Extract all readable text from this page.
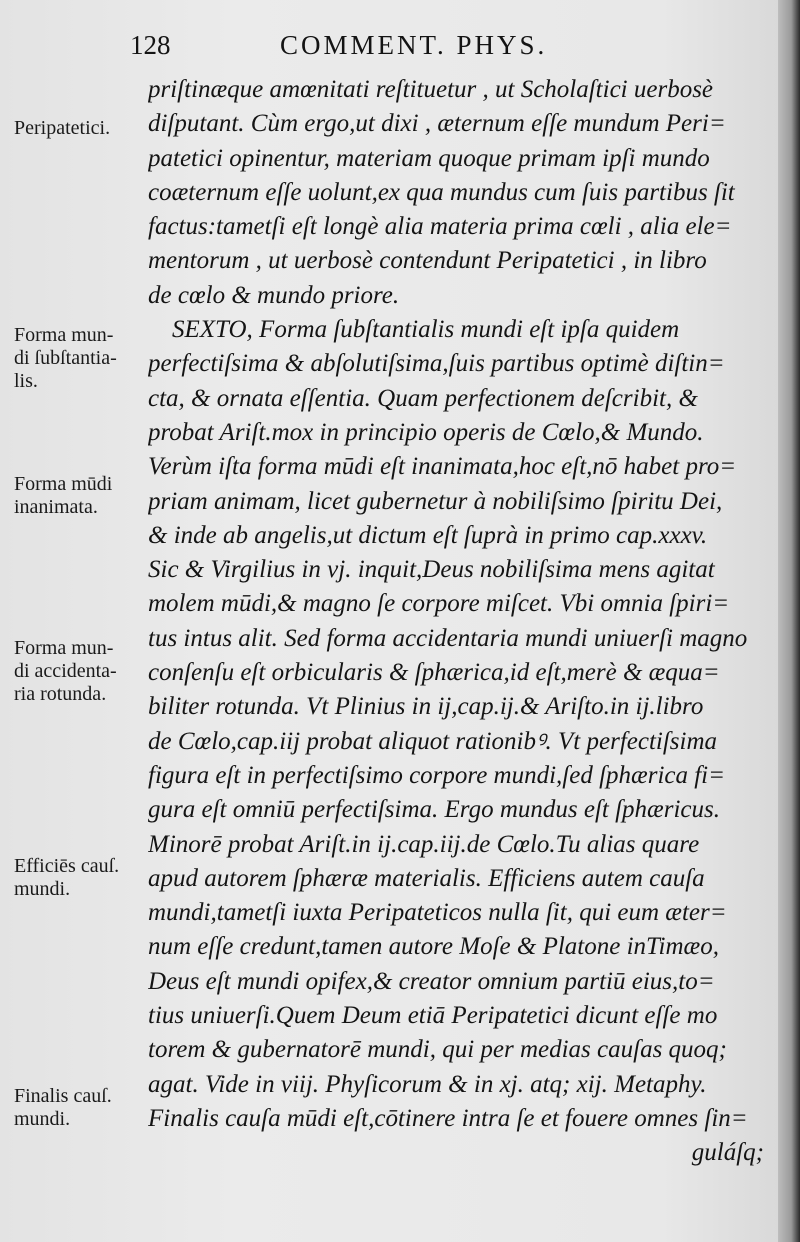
128	COMMENT. PHYS.
Peripatetici.
Forma mun-
di ſubſtantia-
lis.
Forma mūdi
inanimata.
Forma mun-
di accidenta-
ria rotunda.
Efficiēs cauſ.
mundi.
Finalis cauſ.
mundi.
priſtinæque amœnitati reſtituetur , ut Scholaſtici uerbosè
diſputant. Cùm ergo,ut dixi , æternum eſſe mundum Peri=
patetici opinentur, materiam quoque primam ipſi mundo
coæternum eſſe uolunt,ex qua mundus cum ſuis partibus ſit
factus:tametſi eſt longè alia materia prima cœli , alia ele=
mentorum , ut uerbosè contendunt Peripatetici , in libro
de cœlo & mundo priore.
SEXTO, Forma ſubſtantialis mundi eſt ipſa quidem
perfectiſsima & abſolutiſsima,ſuis partibus optimè diſtin=
cta, & ornata eſſentia. Quam perfectionem deſcribit, &
probat Ariſt.mox in principio operis de Cœlo,& Mundo.
Verùm iſta forma mūdi eſt inanimata,hoc eſt,nō habet pro=
priam animam, licet gubernetur à nobiliſsimo ſpiritu Dei,
& inde ab angelis,ut dictum eſt ſuprà in primo cap.xxxv.
Sic & Virgilius in vj. inquit,Deus nobiliſsima mens agitat
molem mūdi,& magno ſe corpore miſcet. Vbi omnia ſpiri=
tus intus alit. Sed forma accidentaria mundi uniuerſi magno
conſenſu eſt orbicularis & ſphærica,id eſt,merè & æqua=
biliter rotunda. Vt Plinius in ij,cap.ij.& Ariſto.in ij.libro
de Cœlo,cap.iij probat aliquot rationibꝰ. Vt perfectiſsima
figura eſt in perfectiſsimo corpore mundi,ſed ſphærica fi=
gura eſt omniū perfectiſsima. Ergo mundus eſt ſphæricus.
Minorē probat Ariſt.in ij.cap.iij.de Cœlo.Tu alias quare
apud autorem ſphæræ materialis. Efficiens autem cauſa
mundi,tametſi iuxta Peripateticos nulla ſit, qui eum æter=
num eſſe credunt,tamen autore Moſe & Platone inTimæo,
Deus eſt mundi opifex,& creator omnium partiū eius,to=
tius uniuerſi.Quem Deum etiā Peripatetici dicunt eſſe mo
torem & gubernatorē mundi, qui per medias cauſas quoq;
agat. Vide in viij. Phyſicorum & in xj. atq; xij. Metaphy.
Finalis cauſa mūdi eſt,cōtinere intra ſe et fouere omnes ſin=
guláſq;
